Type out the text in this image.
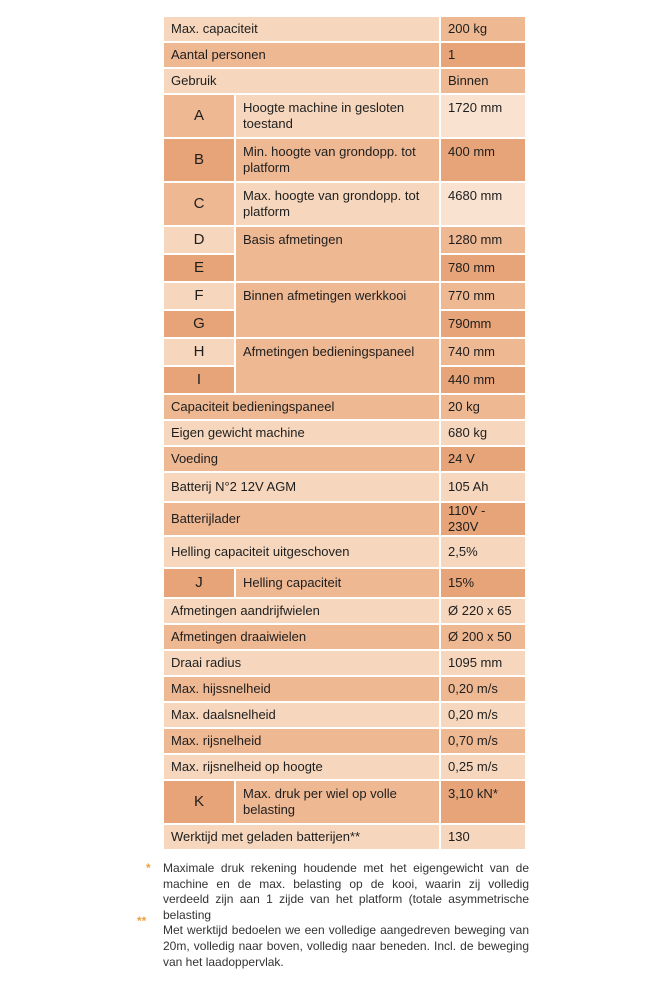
Max. capaciteit		200 kg
Aantal personen		1
Gebruik		Binnen
A	Hoogte machine in gesloten toestand	1720 mm
B	Min. hoogte van grondopp. tot platform	400 mm
C	Max. hoogte van grondopp. tot platform	4680 mm
D	Basis afmetingen	1280 mm
E		780 mm
F	Binnen afmetingen werkkooi	770 mm
G		790mm
H	Afmetingen bedieningspaneel	740 mm
I		440 mm
Capaciteit bedieningspaneel		20 kg
Eigen gewicht machine		680 kg
Voeding		24 V
Batterij N°2 12V AGM		105 Ah
Batterijlader		110V - 230V
Helling capaciteit uitgeschoven		2,5%
J	Helling capaciteit	15%
Afmetingen aandrijfwielen		Ø 220 x 65
Afmetingen draaiwielen		Ø 200 x 50
Draai radius		1095 mm
Max. hijssnelheid		0,20 m/s
Max. daalsnelheid		0,20 m/s
Max. rijsnelheid		0,70 m/s
Max. rijsnelheid op hoogte		0,25 m/s
K	Max. druk per wiel op volle belasting	3,10 kN*
Werktijd met geladen batterijen**		130
*
**
Maximale druk rekening houdende met het eigengewicht van de machine en de max. belasting op de kooi, waarin zij volledig verdeeld zijn aan 1 zijde van het platform (totale asymmetrische belasting
Met werktijd bedoelen we een volledige aangedreven beweging van 20m, volledig naar boven, volledig naar beneden. Incl. de beweging van het laadoppervlak.
